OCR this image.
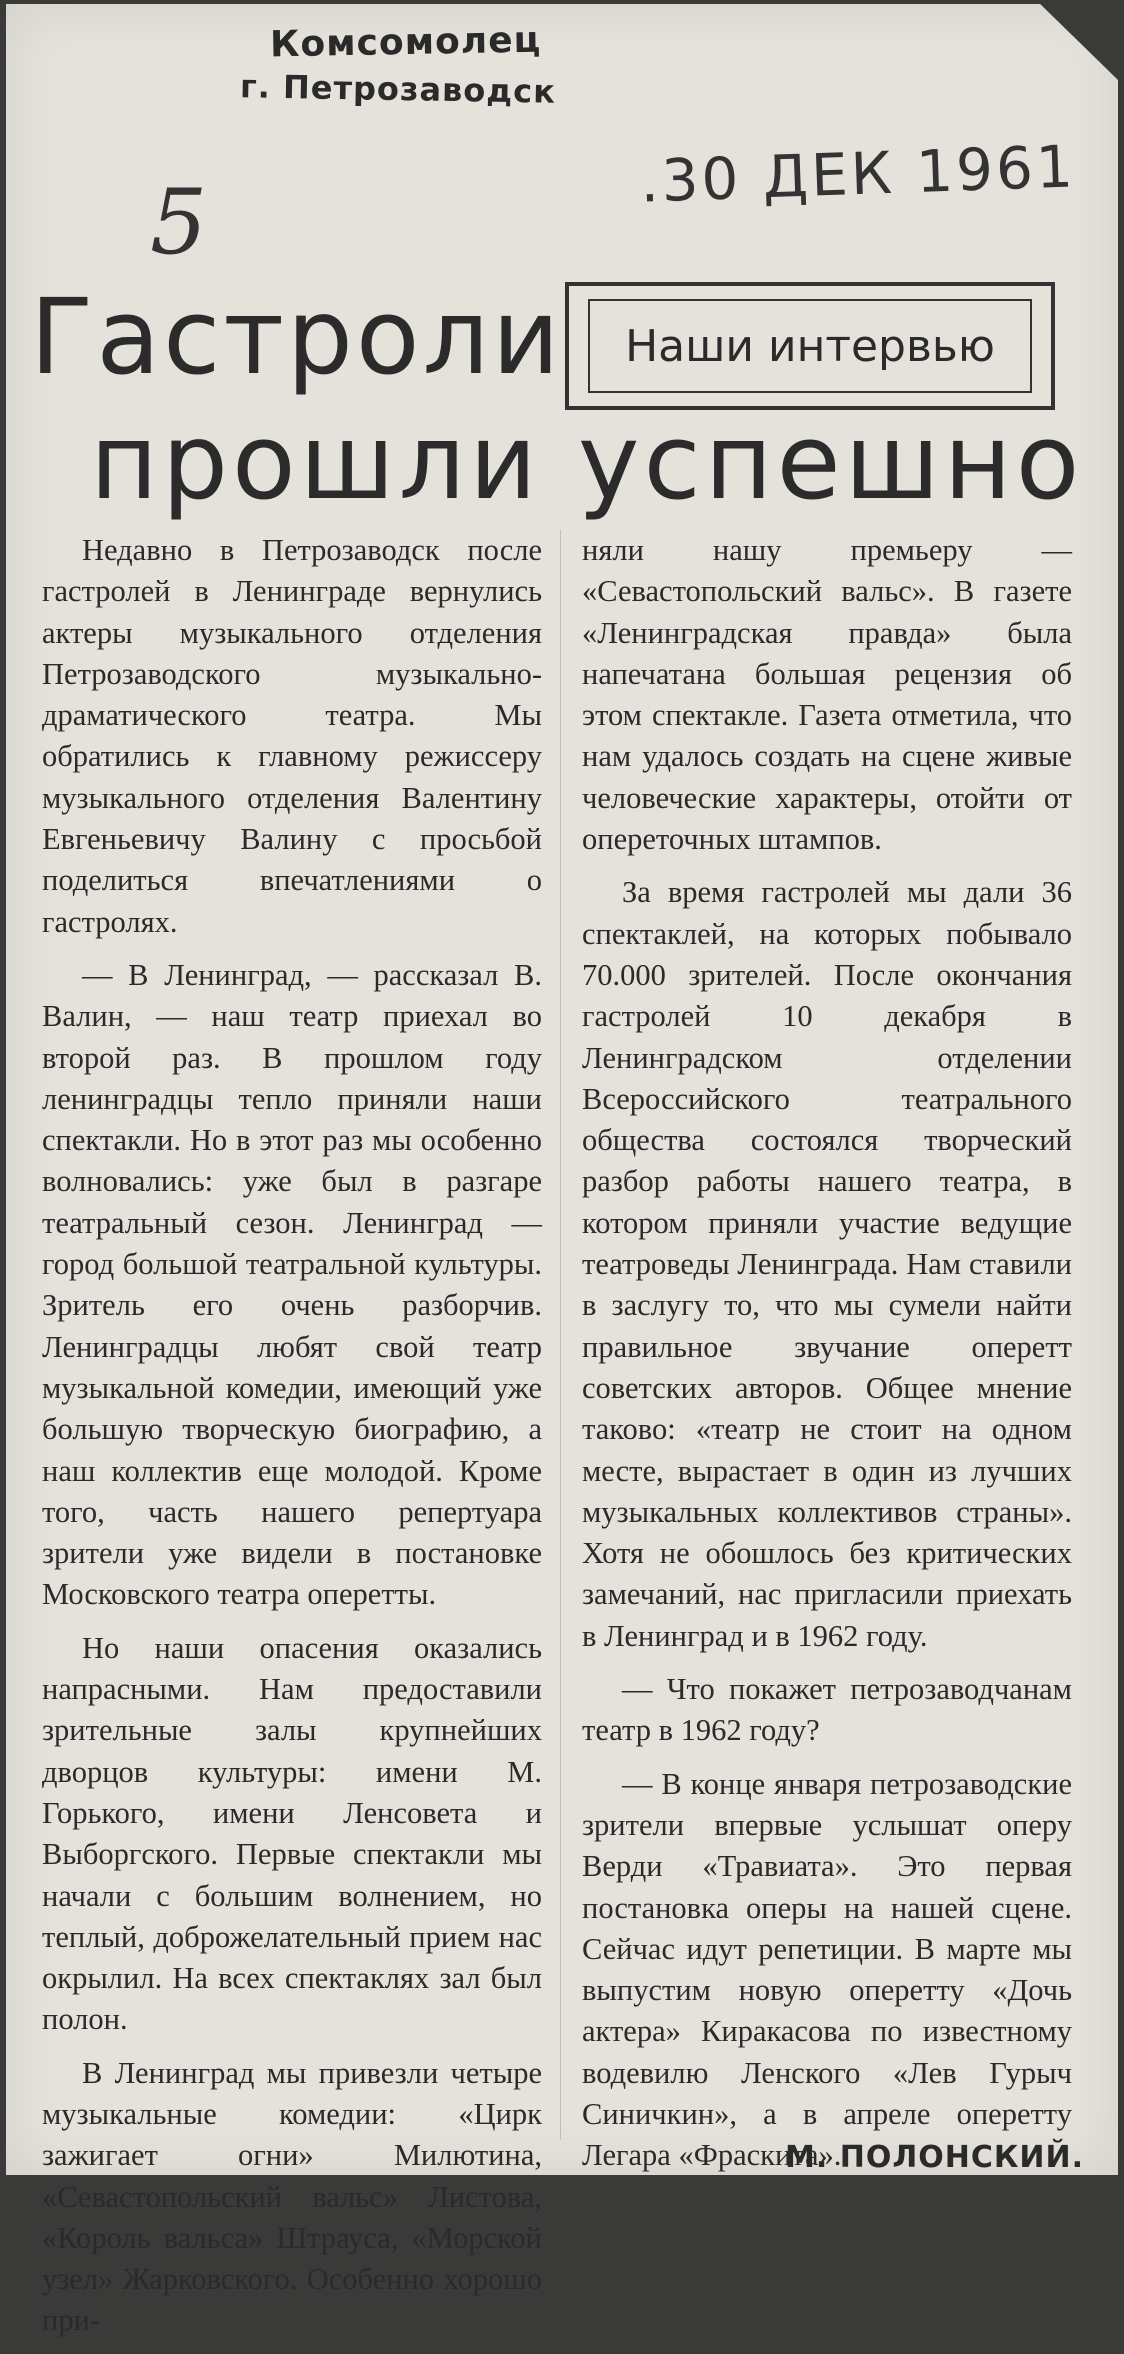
Комсомолец
г. Петрозаводск
5	.30 ДЕК 1961
Гастроли
прошли успешно
Наши интервью

Недавно в Петрозаводск после гастролей в Ленинграде вернулись актеры музыкального отделения Петрозаводского музыкально-драматического театра. Мы обратились к главному режиссеру музыкального отделения Валентину Евгеньевичу Валину с просьбой поделиться впечатлениями о гастролях.

— В Ленинград, — рассказал В. Валин, — наш театр приехал во второй раз. В прошлом году ленинградцы тепло приняли наши спектакли. Но в этот раз мы особенно волновались: уже был в разгаре театральный сезон. Ленинград — город большой театральной культуры. Зритель его очень разборчив. Ленинградцы любят свой театр музыкальной комедии, имеющий уже большую творческую биографию, а наш коллектив еще молодой. Кроме того, часть нашего репертуара зрители уже видели в постановке Московского театра оперетты.

Но наши опасения оказались напрасными. Нам предоставили зрительные залы крупнейших дворцов культуры: имени М. Горького, имени Ленсовета и Выборгского. Первые спектакли мы начали с большим волнением, но теплый, доброжелательный прием нас окрылил. На всех спектаклях зал был полон.

В Ленинград мы привезли четыре музыкальные комедии: «Цирк зажигает огни» Милютина, «Севастопольский вальс» Листова, «Король вальса» Штрауса, «Морской узел» Жарковского. Особенно хорошо при-

няли нашу премьеру — «Севастопольский вальс». В газете «Ленинградская правда» была напечатана большая рецензия об этом спектакле. Газета отметила, что нам удалось создать на сцене живые человеческие характеры, отойти от опереточных штампов.

За время гастролей мы дали 36 спектаклей, на которых побывало 70.000 зрителей. После окончания гастролей 10 декабря в Ленинградском отделении Всероссийского театрального общества состоялся творческий разбор работы нашего театра, в котором приняли участие ведущие театроведы Ленинграда. Нам ставили в заслугу то, что мы сумели найти правильное звучание оперетт советских авторов. Общее мнение таково: «театр не стоит на одном месте, вырастает в один из лучших музыкальных коллективов страны». Хотя не обошлось без критических замечаний, нас пригласили приехать в Ленинград и в 1962 году.

— Что покажет петрозаводчанам театр в 1962 году?

— В конце января петрозаводские зрители впервые услышат оперу Верди «Травиата». Это первая постановка оперы на нашей сцене. Сейчас идут репетиции. В марте мы выпустим новую оперетту «Дочь актера» Киракасова по известному водевилю Ленского «Лев Гурыч Синичкин», а в апреле оперетту Легара «Фраскита».

М. ПОЛОНСКИЙ.
